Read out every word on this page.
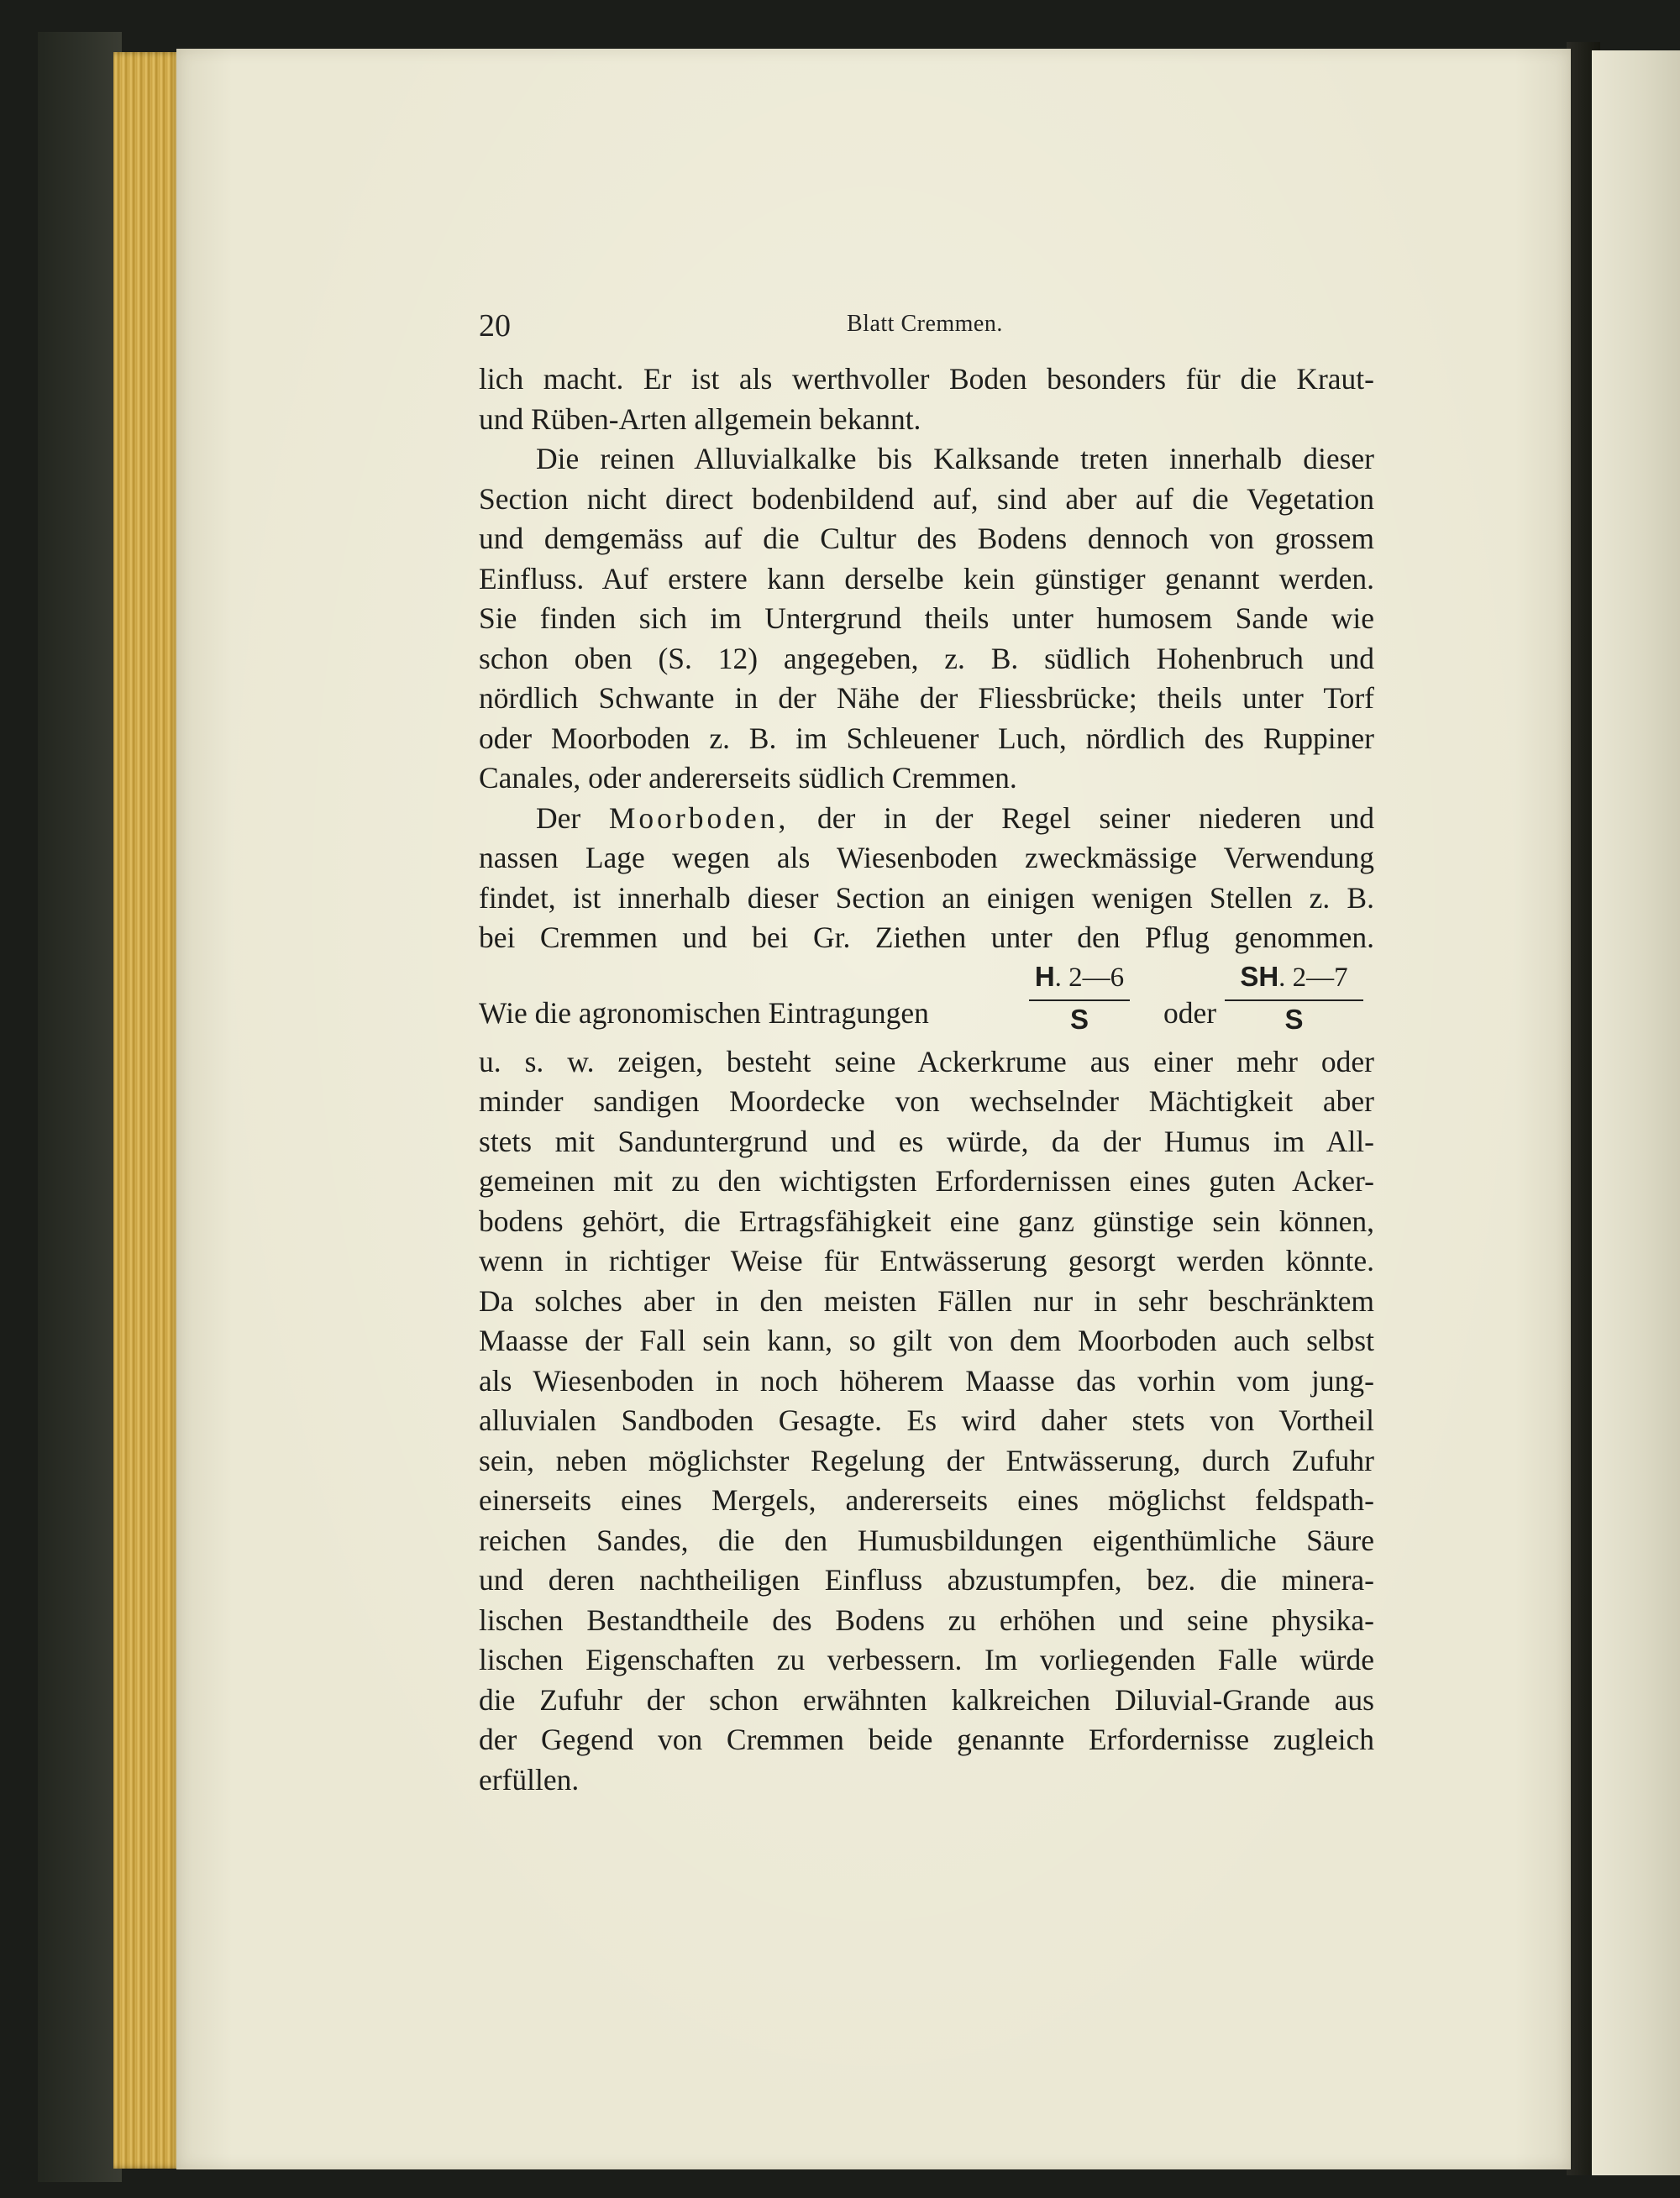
20	Blatt Cremmen.

lich macht. Er ist als werthvoller Boden besonders für die Kraut-

und Rüben-Arten allgemein bekannt.

Die reinen Alluvialkalke bis Kalksande treten innerhalb dieser

Section nicht direct bodenbildend auf, sind aber auf die Vegetation

und demgemäss auf die Cultur des Bodens dennoch von grossem

Einfluss. Auf erstere kann derselbe kein günstiger genannt werden.

Sie finden sich im Untergrund theils unter humosem Sande wie

schon oben (S. 12) angegeben, z. B. südlich Hohenbruch und

nördlich Schwante in der Nähe der Fliessbrücke; theils unter Torf

oder Moorboden z. B. im Schleuener Luch, nördlich des Ruppiner

Canales, oder andererseits südlich Cremmen.

Der Moorboden, der in der Regel seiner niederen und

nassen Lage wegen als Wiesenboden zweckmässige Verwendung

findet, ist innerhalb dieser Section an einigen wenigen Stellen z. B.

bei Cremmen und bei Gr. Ziethen unter den Pflug genommen.

Wie die agronomischen Eintragungen
H. 2—6
S	oder
SH. 2—7
S

u. s. w. zeigen, besteht seine Ackerkrume aus einer mehr oder

minder sandigen Moordecke von wechselnder Mächtigkeit aber

stets mit Sanduntergrund und es würde, da der Humus im All-

gemeinen mit zu den wichtigsten Erfordernissen eines guten Acker-

bodens gehört, die Ertragsfähigkeit eine ganz günstige sein können,

wenn in richtiger Weise für Entwässerung gesorgt werden könnte.

Da solches aber in den meisten Fällen nur in sehr beschränktem

Maasse der Fall sein kann, so gilt von dem Moorboden auch selbst

als Wiesenboden in noch höherem Maasse das vorhin vom jung-

alluvialen Sandboden Gesagte. Es wird daher stets von Vortheil

sein, neben möglichster Regelung der Entwässerung, durch Zufuhr

einerseits eines Mergels, andererseits eines möglichst feldspath-

reichen Sandes, die den Humusbildungen eigenthümliche Säure

und deren nachtheiligen Einfluss abzustumpfen, bez. die minera-

lischen Bestandtheile des Bodens zu erhöhen und seine physika-

lischen Eigenschaften zu verbessern. Im vorliegenden Falle würde

die Zufuhr der schon erwähnten kalkreichen Diluvial-Grande aus

der Gegend von Cremmen beide genannte Erfordernisse zugleich

erfüllen.
